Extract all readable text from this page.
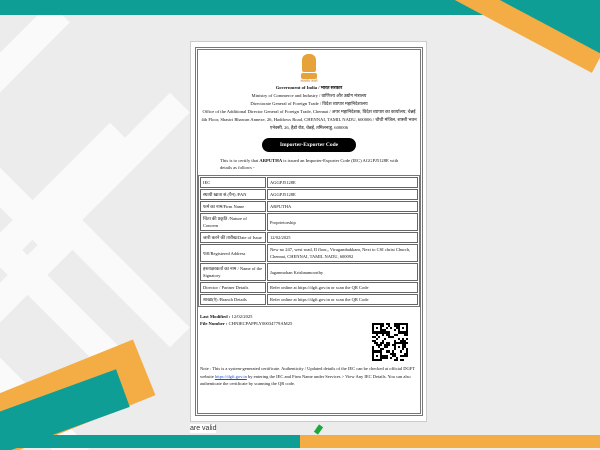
सत्यमेव जयते
Government of India / भारत सरकार
Ministry of Commerce and Industry / वाणिज्य और उद्योग मंत्रालय
Directorate General of Foreign Trade / विदेश व्यापार महानिदेशालय
Office of the Additional Director General of Foreign Trade, Chennai / अपर महानिदेशक, विदेश व्यापार का कार्यालय, चेन्नई
4th Floor, Shastri Bhawan Annexe, 26, Haddows Road, CHENNAI, TAMIL NADU, 600006 / चौथी मंजिल, शास्त्री भवन एनेक्सी, 26, हैडो रोड, चेन्नई, तमिलनाडु, 600006
Importer-Exporter Code
This is to certify that ARPUTHA is issued an Importer-Exporter Code (IEC) AGGPJ5128E with details as follows -
IEC	AGGPJ5128E
स्थायी खाता सं.(पैन) /PAN	AGGPJ5128E
फर्म का नाम/Firm Name	ARPUTHA
चिंता की प्रकृति /Nature of Concern	Proprietorship
जारी करने की तारीख/Date of Issue	12/02/2025
पता/Registered Address	New no 247, west road, II floor,, Virugambakkam, Next to CSI christ Church, Chennai, CHENNAI, TAMIL NADU, 600092
हस्ताक्षरकर्ता का नाम / Name of the Signatory	Jaganmohan Krishnamoorthy
Director / Partner Details	Refer online at https://dgft.gov.in or scan the QR Code
शाखा(एं) /Branch Details	Refer online at https://dgft.gov.in or scan the QR Code
Last Modified : 12/02/2025
File Number : CHNIECPAPPLY00034779AM25
Note : This is a system-generated certificate. Authenticity / Updated details of the IEC can be checked at official DGFT website https://dgft.gov.in by entering the IEC and Firm Name under Services > View Any IEC Details. You can also authenticate the certificate by scanning the QR code.
are valid
